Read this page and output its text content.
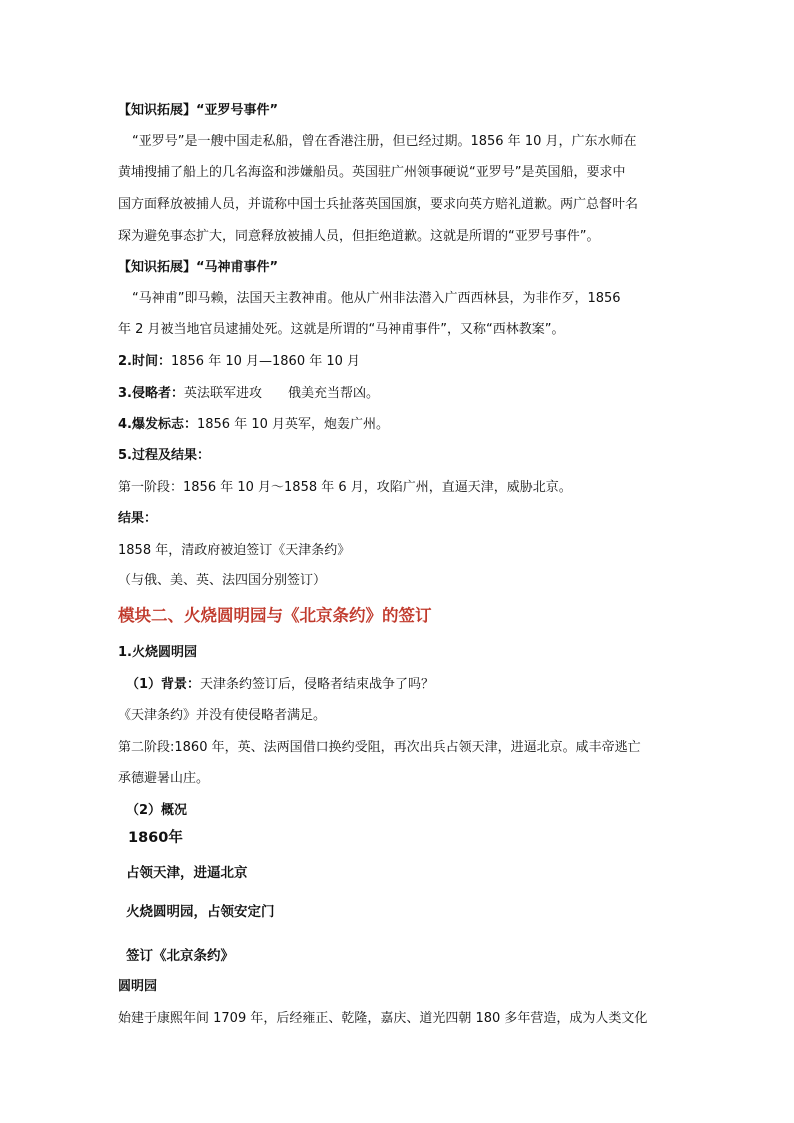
【知识拓展】“亚罗号事件”
“亚罗号”是一艘中国走私船，曾在香港注册，但已经过期。1856 年 10 月，广东水师在
黄埔搜捕了船上的几名海盗和涉嫌船员。英国驻广州领事硬说“亚罗号”是英国船，要求中
国方面释放被捕人员，并谎称中国士兵扯落英国国旗，要求向英方赔礼道歉。两广总督叶名
琛为避免事态扩大，同意释放被捕人员，但拒绝道歉。这就是所谓的“亚罗号事件”。
【知识拓展】“马神甫事件”
“马神甫”即马赖，法国天主教神甫。他从广州非法潜入广西西林县，为非作歹，1856
年 2 月被当地官员逮捕处死。这就是所谓的“马神甫事件”，又称“西林教案”。
2.时间：1856 年 10 月—1860 年 10 月
3.侵略者：英法联军进攻　　俄美充当帮凶。
4.爆发标志：1856 年 10 月英军，炮轰广州。
5.过程及结果：
第一阶段：1856 年 10 月～1858 年 6 月，攻陷广州，直逼天津，威胁北京。
结果：
1858 年，清政府被迫签订《天津条约》
（与俄、美、英、法四国分别签订）
模块二、火烧圆明园与《北京条约》的签订
1.火烧圆明园
（1）背景：天津条约签订后，侵略者结束战争了吗？
《天津条约》并没有使侵略者满足。
第二阶段:1860 年，英、法两国借口换约受阻，再次出兵占领天津，进逼北京。咸丰帝逃亡
承德避暑山庄。
（2）概况
1860年
占领天津，进逼北京
火烧圆明园，占领安定门
签订《北京条约》
圆明园
始建于康熙年间 1709 年，后经雍正、乾隆，嘉庆、道光四朝 180 多年营造，成为人类文化
